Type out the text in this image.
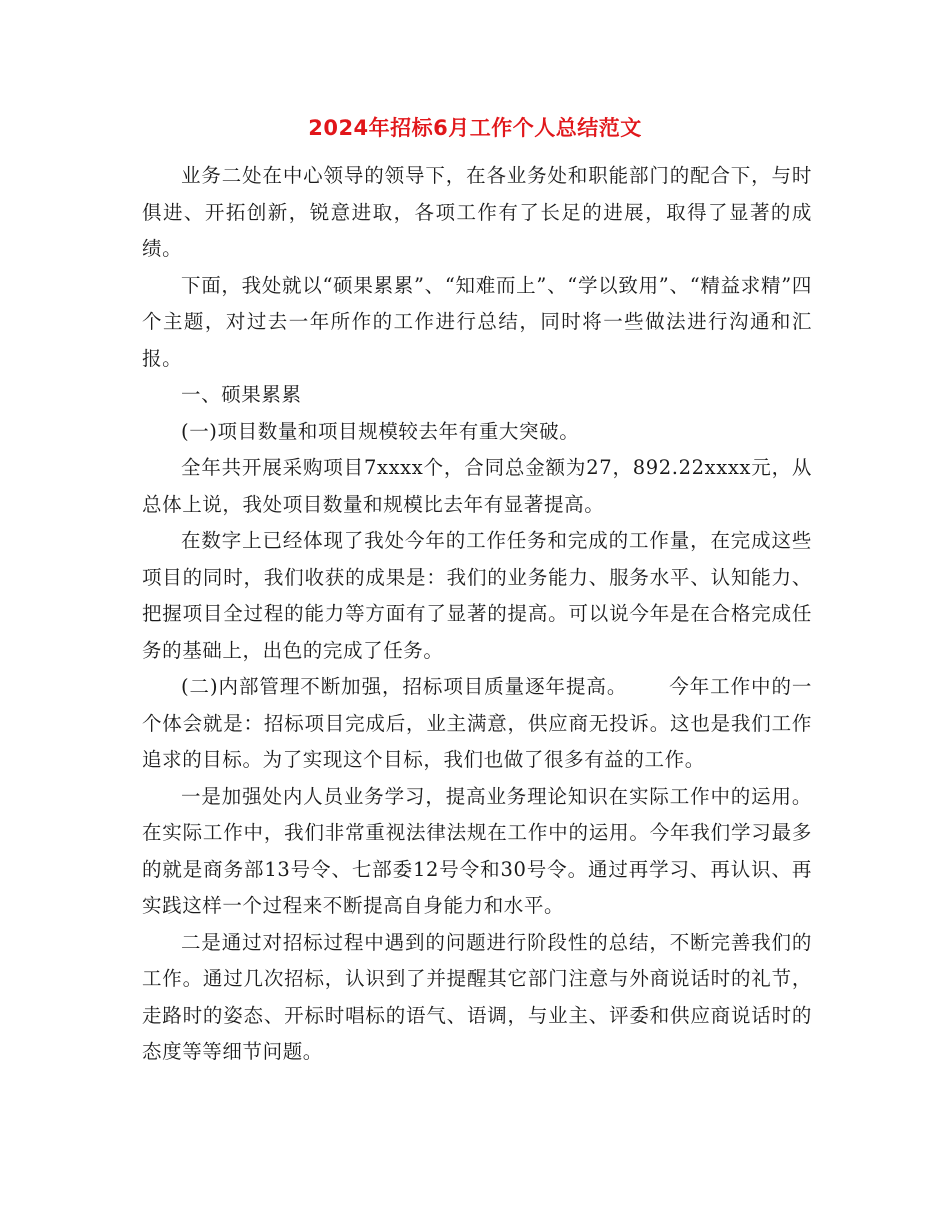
2024年招标6月工作个人总结范文

业务二处在中心领导的领导下，在各业务处和职能部门的配合下，与时俱进、开拓创新，锐意进取，各项工作有了长足的进展，取得了显著的成绩。

下面，我处就以“硕果累累”、“知难而上”、“学以致用”、“精益求精”四个主题，对过去一年所作的工作进行总结，同时将一些做法进行沟通和汇报。

一、硕果累累

(一)项目数量和项目规模较去年有重大突破。

全年共开展采购项目7xxxx个，合同总金额为27，892.22xxxx元，从总体上说，我处项目数量和规模比去年有显著提高。

在数字上已经体现了我处今年的工作任务和完成的工作量，在完成这些项目的同时，我们收获的成果是：我们的业务能力、服务水平、认知能力、把握项目全过程的能力等方面有了显著的提高。可以说今年是在合格完成任务的基础上，出色的完成了任务。

(二)内部管理不断加强，招标项目质量逐年提高。 今年工作中的一个体会就是：招标项目完成后，业主满意，供应商无投诉。这也是我们工作追求的目标。为了实现这个目标，我们也做了很多有益的工作。

一是加强处内人员业务学习，提高业务理论知识在实际工作中的运用。在实际工作中，我们非常重视法律法规在工作中的运用。今年我们学习最多的就是商务部13号令、七部委12号令和30号令。通过再学习、再认识、再实践这样一个过程来不断提高自身能力和水平。

二是通过对招标过程中遇到的问题进行阶段性的总结，不断完善我们的工作。通过几次招标，认识到了并提醒其它部门注意与外商说话时的礼节，走路时的姿态、开标时唱标的语气、语调，与业主、评委和供应商说话时的态度等等细节问题。
